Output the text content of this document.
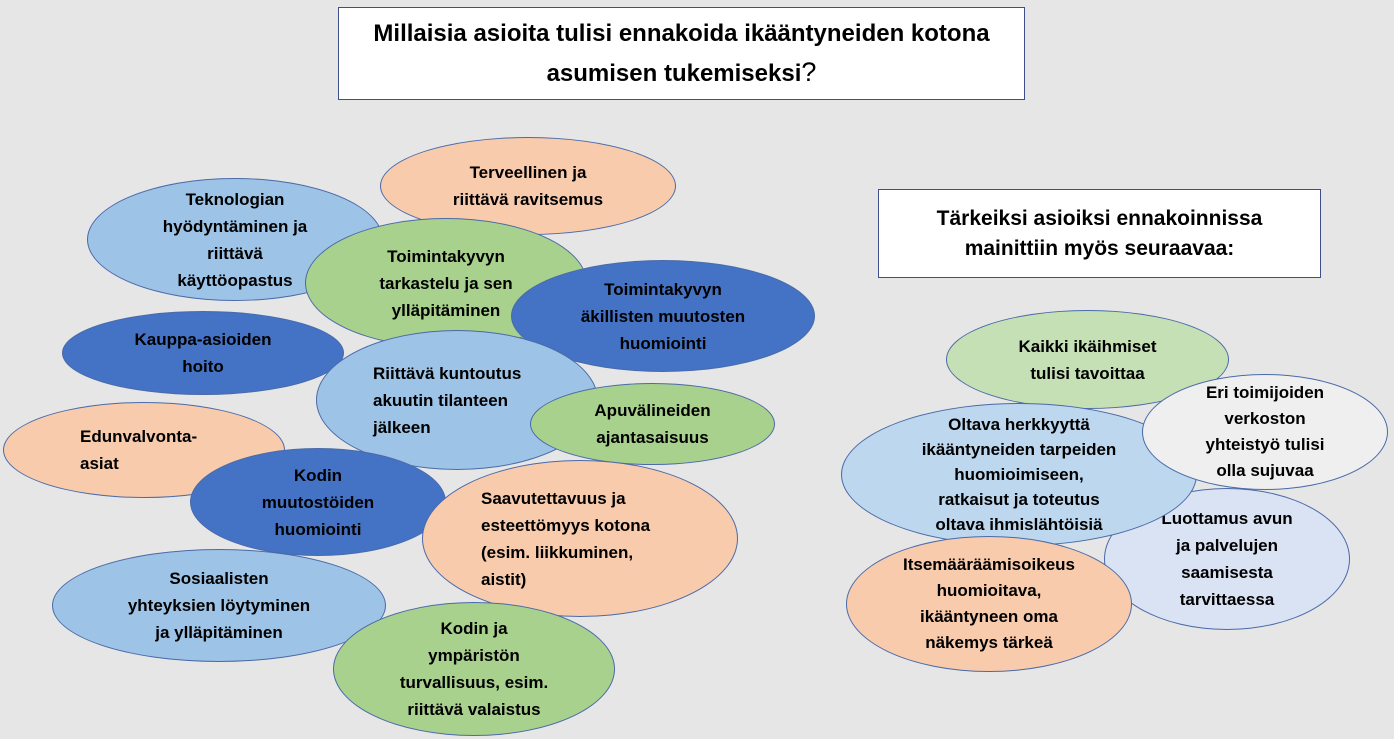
Millaisia asioita tulisi ennakoida ikääntyneiden kotona
asumisen tukemiseksi?
Tärkeiksi asioiksi ennakoinnissa
mainittiin myös seuraavaa:
Edunvalvonta-
asiat
Teknologian
hyödyntäminen ja
riittävä
käyttöopastus
Terveellinen ja
riittävä ravitsemus
Toimintakyvyn
tarkastelu ja sen
ylläpitäminen
Toimintakyvyn
äkillisten muutosten
huomiointi
Kauppa-asioiden
hoito	Riittävä kuntoutus
akuutin tilanteen
jälkeen
Apuvälineiden
ajantasaisuus
Kodin
muutostöiden
huomiointi
Saavutettavuus ja
esteettömyys kotona
(esim. liikkuminen,
aistit)
Sosiaalisten
yhteyksien löytyminen
ja ylläpitäminen	Kodin ja
ympäristön
turvallisuus, esim.
riittävä valaistus
Luottamus avun
ja palvelujen
saamisesta
tarvittaessa
Kaikki ikäihmiset
tulisi tavoittaa
Oltava herkkyyttä
ikääntyneiden tarpeiden
huomioimiseen,
ratkaisut ja toteutus
oltava ihmislähtöisiä
Eri toimijoiden
verkoston
yhteistyö tulisi
olla sujuvaa
Itsemääräämisoikeus
huomioitava,
ikääntyneen oma
näkemys tärkeä
